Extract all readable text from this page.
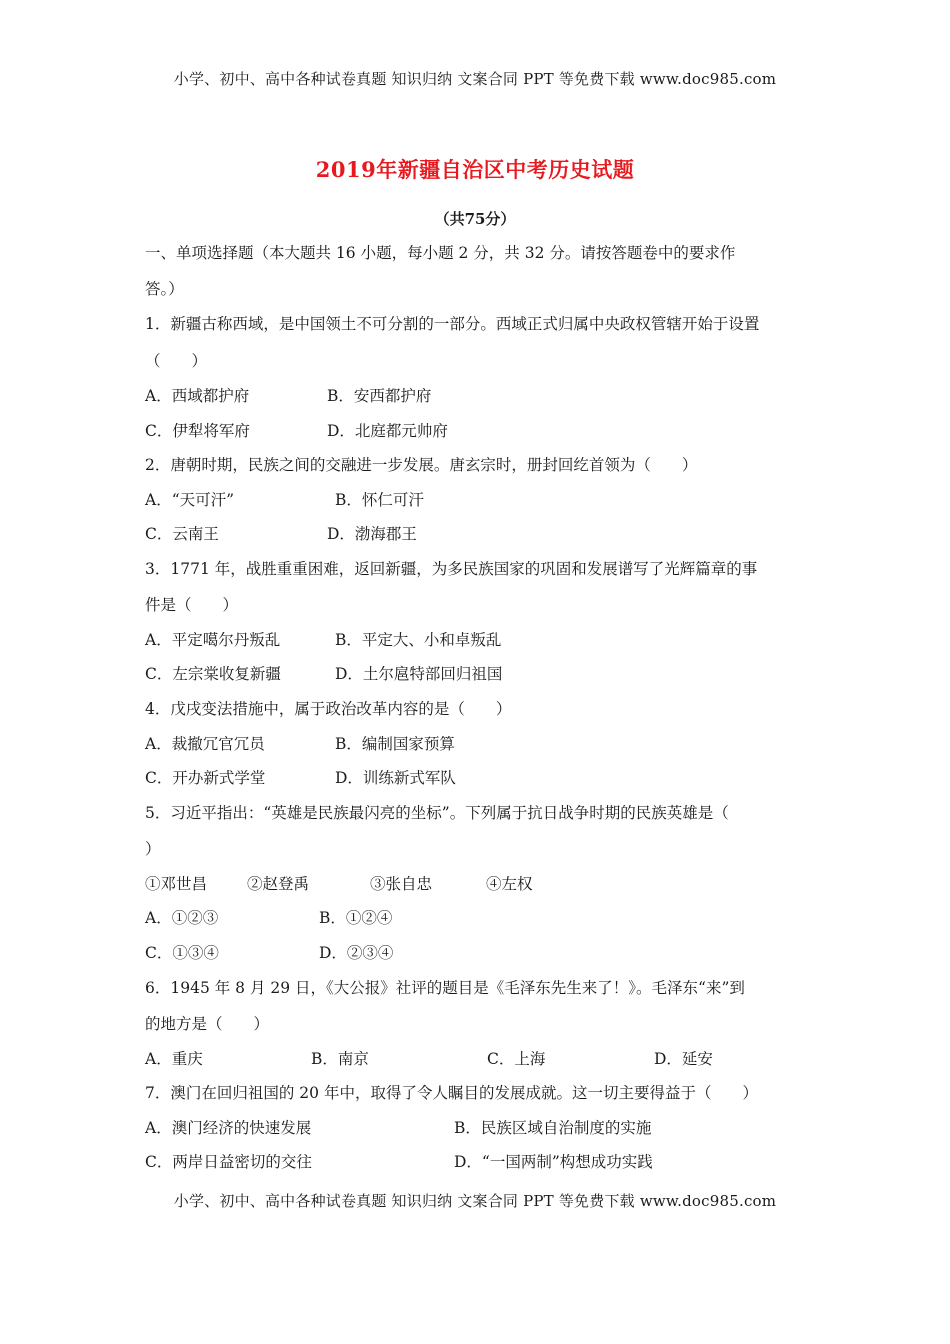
小学、初中、高中各种试卷真题 知识归纳 文案合同 PPT 等免费下载 www.doc985.com
2019年新疆自治区中考历史试题
（共75分）
一、单项选择题（本大题共 16 小题，每小题 2 分，共 32 分。请按答题卷中的要求作
答。）
1．新疆古称西域，是中国领土不可分割的一部分。西域正式归属中央政权管辖开始于设置
（　　）
A．西域都护府	B．安西都护府
C．伊犁将军府	D．北庭都元帅府
2．唐朝时期，民族之间的交融进一步发展。唐玄宗时，册封回纥首领为（　　）
A．“天可汗”	B．怀仁可汗
C．云南王	D．渤海郡王
3．1771 年，战胜重重困难，返回新疆，为多民族国家的巩固和发展谱写了光辉篇章的事
件是（　　）
A．平定噶尔丹叛乱	B．平定大、小和卓叛乱
C．左宗棠收复新疆	D．土尔扈特部回归祖国
4．戊戌变法措施中，属于政治改革内容的是（　　）
A．裁撤冗官冗员	B．编制国家预算
C．开办新式学堂	D．训练新式军队
5．习近平指出：“英雄是民族最闪亮的坐标”。下列属于抗日战争时期的民族英雄是（
）
①邓世昌	②赵登禹	③张自忠	④左权
A．①②③	B．①②④
C．①③④	D．②③④
6．1945 年 8 月 29 日，《大公报》社评的题目是《毛泽东先生来了！》。毛泽东“来”到
的地方是（　　）
A．重庆	B．南京	C．上海	D．延安
7．澳门在回归祖国的 20 年中，取得了令人瞩目的发展成就。这一切主要得益于（　　）
A．澳门经济的快速发展	B．民族区域自治制度的实施
C．两岸日益密切的交往	D．“一国两制”构想成功实践
小学、初中、高中各种试卷真题 知识归纳 文案合同 PPT 等免费下载 www.doc985.com
